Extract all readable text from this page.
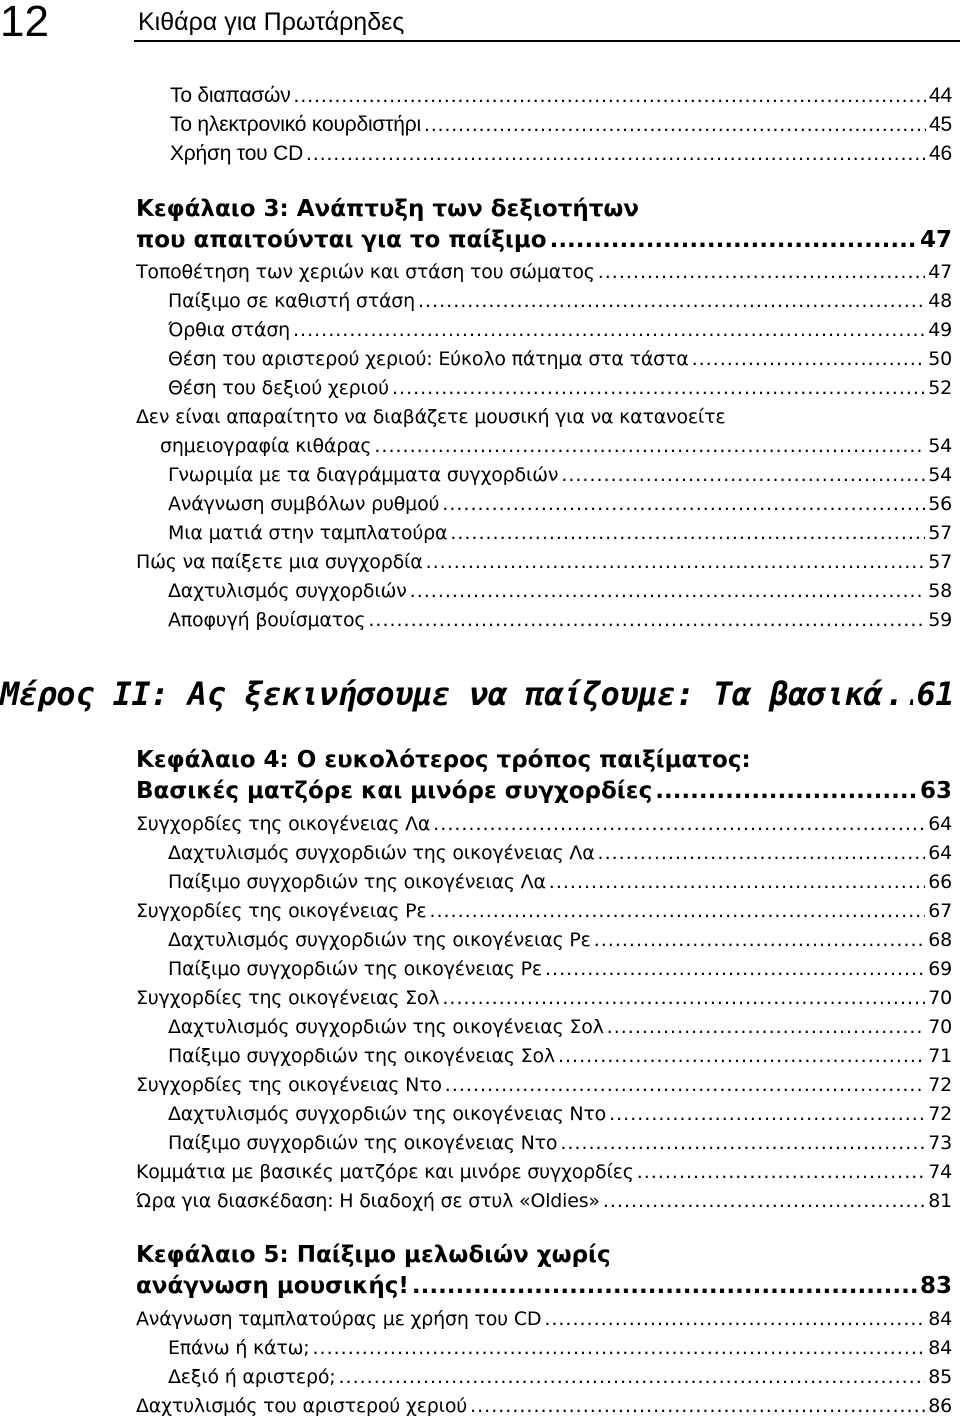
12	Κιθάρα για Πρωτάρηδες
Το διαπασών .....	44
Το ηλεκτρονικό κουρδιστήρι .....	45
Χρήση του CD .....	46
Κεφάλαιο 3: Ανάπτυξη των δεξιοτήτων
που απαιτούνται για το παίξιμο .....	47
Τοποθέτηση των χεριών και στάση του σώματος .....	47
Παίξιμο σε καθιστή στάση .....	48
Όρθια στάση .....	49
Θέση του αριστερού χεριού: Εύκολο πάτημα στα τάστα .....	50
Θέση του δεξιού χεριού .....	52
Δεν είναι απαραίτητο να διαβάζετε μουσική για να κατανοείτε
σημειογραφία κιθάρας .....	54
Γνωριμία με τα διαγράμματα συγχορδιών .....	54
Ανάγνωση συμβόλων ρυθμού .....	56
Μια ματιά στην ταμπλατούρα .....	57
Πώς να παίξετε μια συγχορδία .....	57
Δαχτυλισμός συγχορδιών .....	58
Αποφυγή βουίσματος .....	59
Μέρος ΙΙ: Ας ξεκινήσουμε να παίζουμε: Τα βασικά ..... 61
Κεφάλαιο 4: Ο ευκολότερος τρόπος παιξίματος:
Βασικές ματζόρε και μινόρε συγχορδίες .....	63
Συγχορδίες της οικογένειας Λα .....	64
Δαχτυλισμός συγχορδιών της οικογένειας Λα .....	64
Παίξιμο συγχορδιών της οικογένειας Λα .....	66
Συγχορδίες της οικογένειας Ρε .....	67
Δαχτυλισμός συγχορδιών της οικογένειας Ρε .....	68
Παίξιμο συγχορδιών της οικογένειας Ρε .....	69
Συγχορδίες της οικογένειας Σολ .....	70
Δαχτυλισμός συγχορδιών της οικογένειας Σολ .....	70
Παίξιμο συγχορδιών της οικογένειας Σολ .....	71
Συγχορδίες της οικογένειας Ντο .....	72
Δαχτυλισμός συγχορδιών της οικογένειας Ντο .....	72
Παίξιμο συγχορδιών της οικογένειας Ντο .....	73
Κομμάτια με βασικές ματζόρε και μινόρε συγχορδίες .....	74
Ώρα για διασκέδαση: Η διαδοχή σε στυλ «Oldies» .....	81
Κεφάλαιο 5: Παίξιμο μελωδιών χωρίς
ανάγνωση μουσικής! .....	83
Ανάγνωση ταμπλατούρας με χρήση του CD .....	84
Επάνω ή κάτω; .....	84
Δεξιό ή αριστερό; .....	85
Δαχτυλισμός του αριστερού χεριού .....	86
